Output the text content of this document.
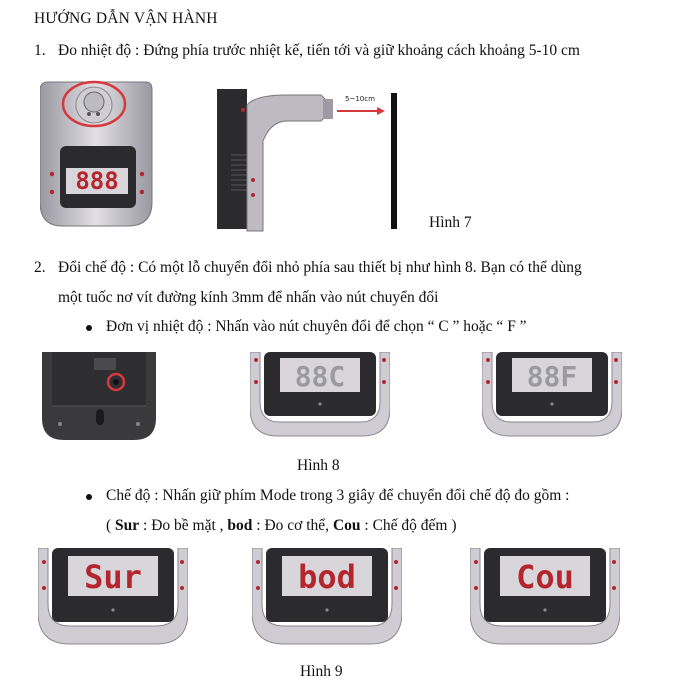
HƯỚNG DẪN VẬN HÀNH
1. Đo nhiệt độ : Đứng phía trước nhiệt kế, tiến tới và giữ khoảng cách khoảng 5-10 cm
888
5~10cm
Hình 7
2. Đổi chế độ : Có một lỗ chuyển đổi nhỏ phía sau thiết bị như hình 8. Bạn có thể dùng
một tuốc nơ vít đường kính 3mm để nhấn vào nút chuyển đổi
Đơn vị nhiệt độ : Nhấn vào nút chuyên đổi để chọn “ C ” hoặc “ F ”
88C	88F
Hình 8
Chế độ : Nhấn giữ phím Mode trong 3 giây để chuyển đổi chế độ đo gồm :
( Sur : Đo bề mặt , bod : Đo cơ thể, Cou : Chế độ đếm )
Sur	bod	Cou
Hình 9
